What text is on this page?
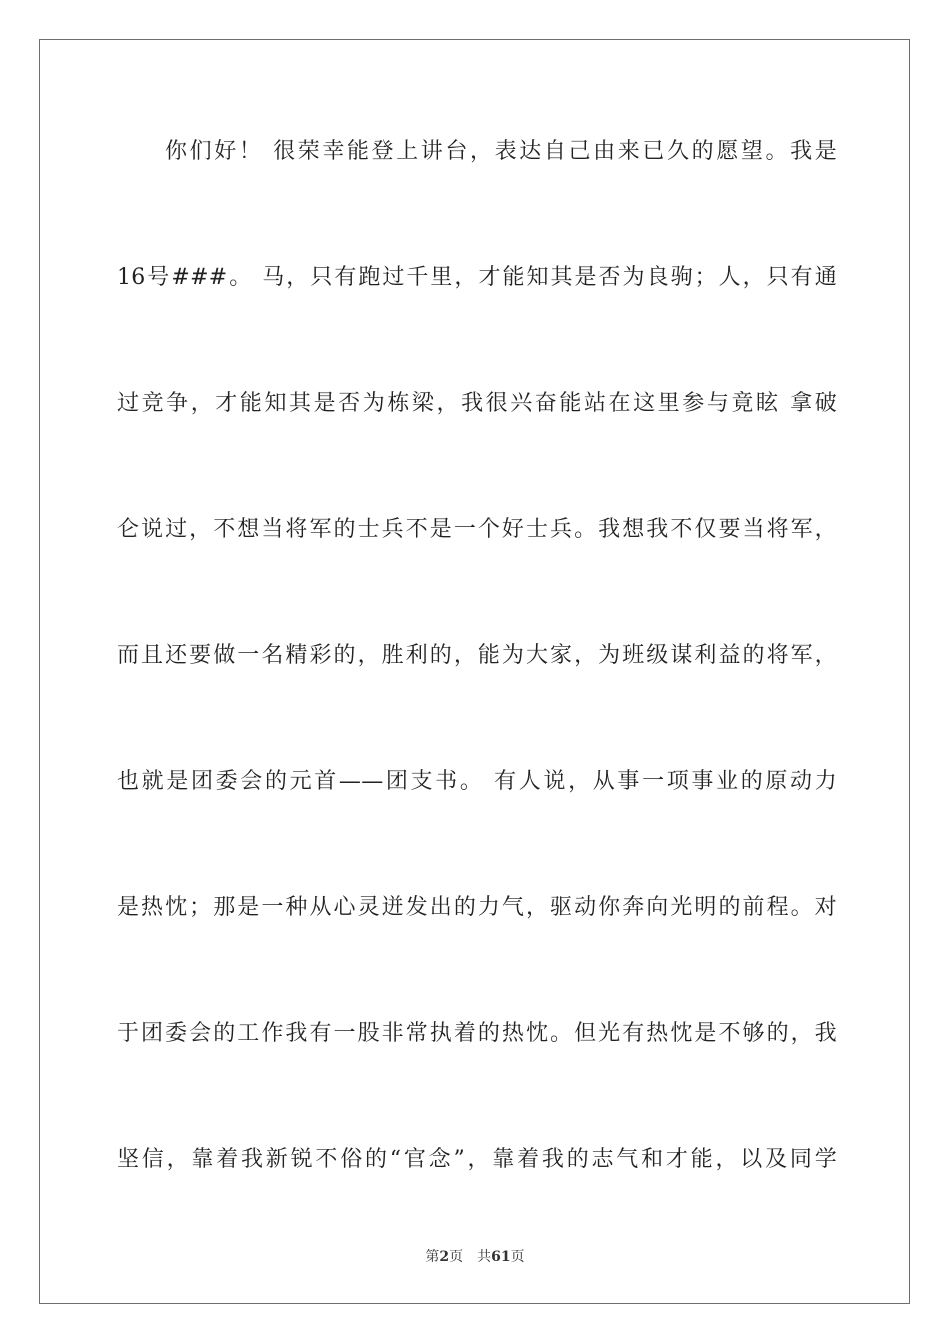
你们好！ 很荣幸能登上讲台，表达自己由来已久的愿望。我是
16号###。 马，只有跑过千里，才能知其是否为良驹；人，只有通
过竞争，才能知其是否为栋梁，我很兴奋能站在这里参与竟眩 拿破
仑说过，不想当将军的士兵不是一个好士兵。我想我不仅要当将军，
而且还要做一名精彩的，胜利的，能为大家，为班级谋利益的将军，
也就是团委会的元首——团支书。 有人说，从事一项事业的原动力
是热忱；那是一种从心灵迸发出的力气，驱动你奔向光明的前程。对
于团委会的工作我有一股非常执着的热忱。但光有热忱是不够的，我
坚信，靠着我新锐不俗的“官念”，靠着我的志气和才能，以及同学
第2页 共61页
